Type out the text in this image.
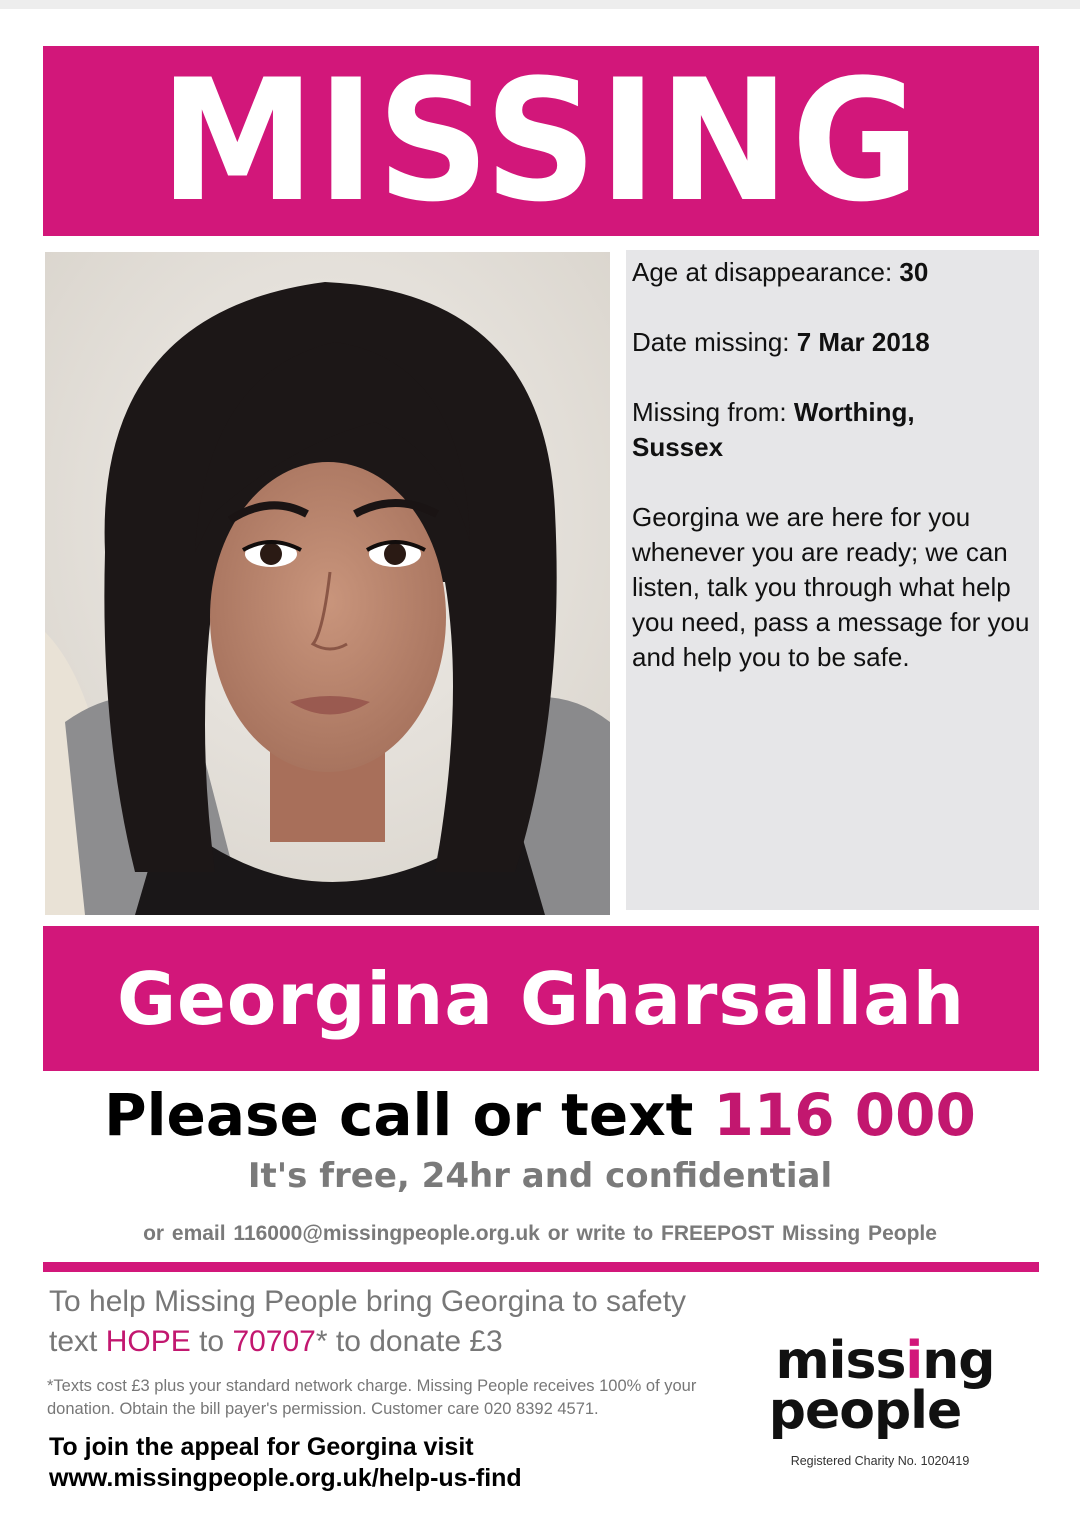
MISSING

Age at disappearance: 30

Date missing: 7 Mar 2018

Missing from: Worthing,
Sussex

Georgina we are here for you whenever you are ready; we can listen, talk you through what help you need, pass a message for you and help you to be safe.

Georgina Gharsallah
Please call or text 116 000
It's free, 24hr and confidential
or email 116000@missingpeople.org.uk or write to FREEPOST Missing People
To help Missing People bring Georgina to safety
text HOPE to 70707* to donate £3
*Texts cost £3 plus your standard network charge. Missing People receives 100% of your donation. Obtain the bill payer's permission. Customer care 020 8392 4571.
To join the appeal for Georgina visit
www.missingpeople.org.uk/help-us-find
missing
people
Registered Charity No. 1020419
